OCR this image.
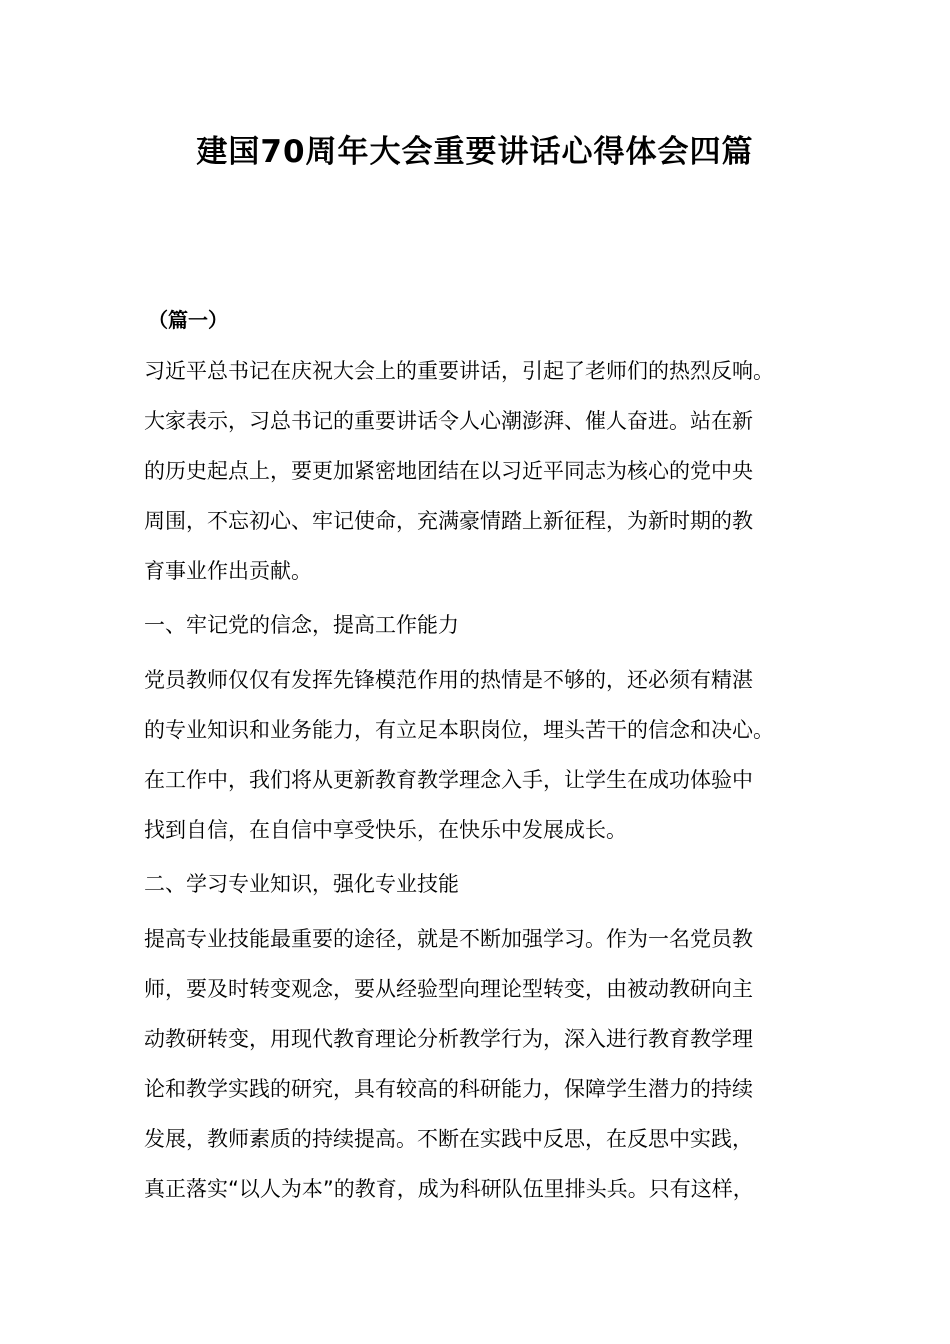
建国70周年大会重要讲话心得体会四篇
（篇一）

习近平总书记在庆祝大会上的重要讲话，引起了老师们的热烈反响。
大家表示，习总书记的重要讲话令人心潮澎湃、催人奋进。站在新
的历史起点上，要更加紧密地团结在以习近平同志为核心的党中央
周围，不忘初心、牢记使命，充满豪情踏上新征程，为新时期的教
育事业作出贡献。

一、牢记党的信念，提高工作能力

党员教师仅仅有发挥先锋模范作用的热情是不够的，还必须有精湛
的专业知识和业务能力，有立足本职岗位，埋头苦干的信念和决心。
在工作中，我们将从更新教育教学理念入手，让学生在成功体验中
找到自信，在自信中享受快乐，在快乐中发展成长。

二、学习专业知识，强化专业技能

提高专业技能最重要的途径，就是不断加强学习。作为一名党员教
师，要及时转变观念，要从经验型向理论型转变，由被动教研向主
动教研转变，用现代教育理论分析教学行为，深入进行教育教学理
论和教学实践的研究，具有较高的科研能力，保障学生潜力的持续
发展，教师素质的持续提高。不断在实践中反思，在反思中实践，
真正落实“以人为本”的教育，成为科研队伍里排头兵。只有这样，
